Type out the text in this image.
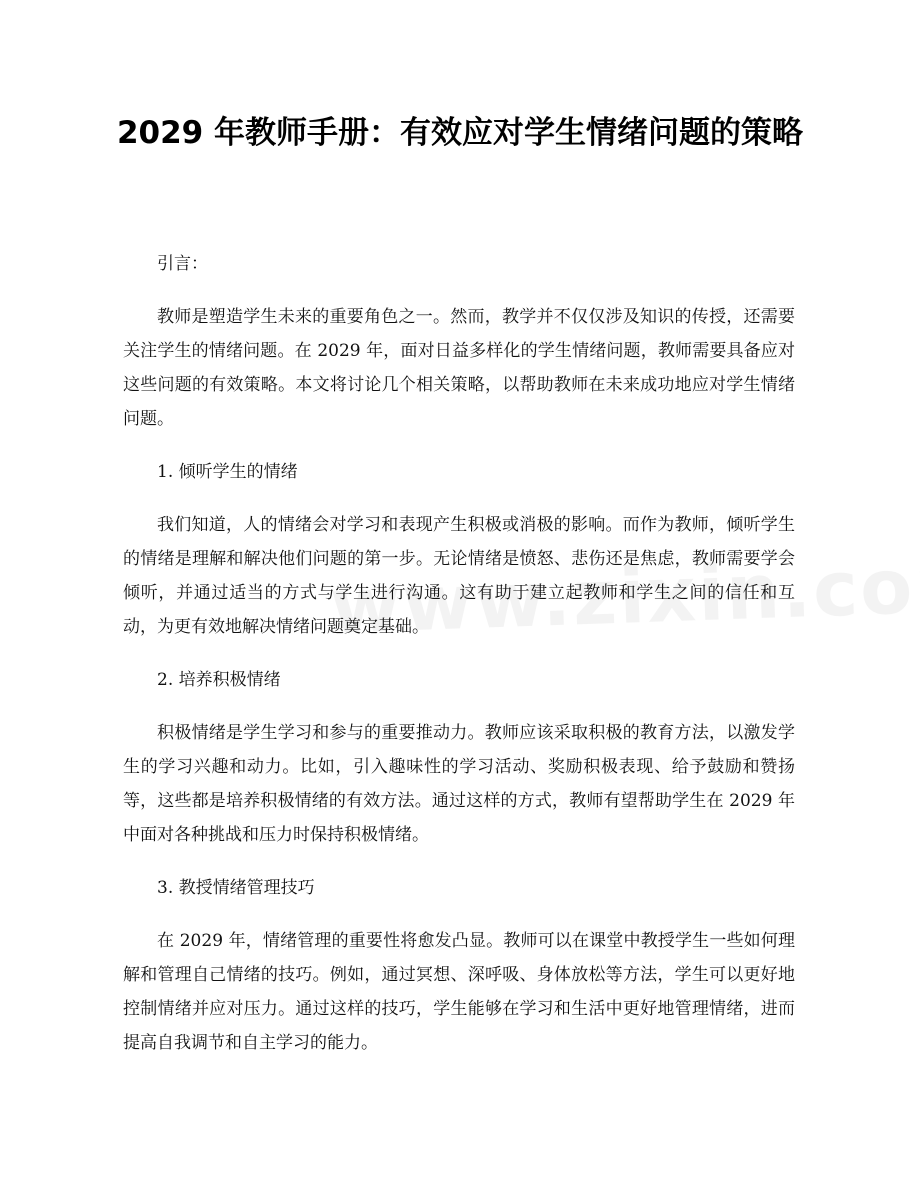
2029 年教师手册：有效应对学生情绪问题的策略

引言：

教师是塑造学生未来的重要角色之一。然而，教学并不仅仅涉及知识的传授，还需要关注学生的情绪问题。在 2029 年，面对日益多样化的学生情绪问题，教师需要具备应对这些问题的有效策略。本文将讨论几个相关策略，以帮助教师在未来成功地应对学生情绪问题。

1. 倾听学生的情绪

我们知道，人的情绪会对学习和表现产生积极或消极的影响。而作为教师，倾听学生的情绪是理解和解决他们问题的第一步。无论情绪是愤怒、悲伤还是焦虑，教师需要学会倾听，并通过适当的方式与学生进行沟通。这有助于建立起教师和学生之间的信任和互动，为更有效地解决情绪问题奠定基础。

2. 培养积极情绪

积极情绪是学生学习和参与的重要推动力。教师应该采取积极的教育方法，以激发学生的学习兴趣和动力。比如，引入趣味性的学习活动、奖励积极表现、给予鼓励和赞扬等，这些都是培养积极情绪的有效方法。通过这样的方式，教师有望帮助学生在 2029 年中面对各种挑战和压力时保持积极情绪。

3. 教授情绪管理技巧

在 2029 年，情绪管理的重要性将愈发凸显。教师可以在课堂中教授学生一些如何理解和管理自己情绪的技巧。例如，通过冥想、深呼吸、身体放松等方法，学生可以更好地控制情绪并应对压力。通过这样的技巧，学生能够在学习和生活中更好地管理情绪，进而提高自我调节和自主学习的能力。
